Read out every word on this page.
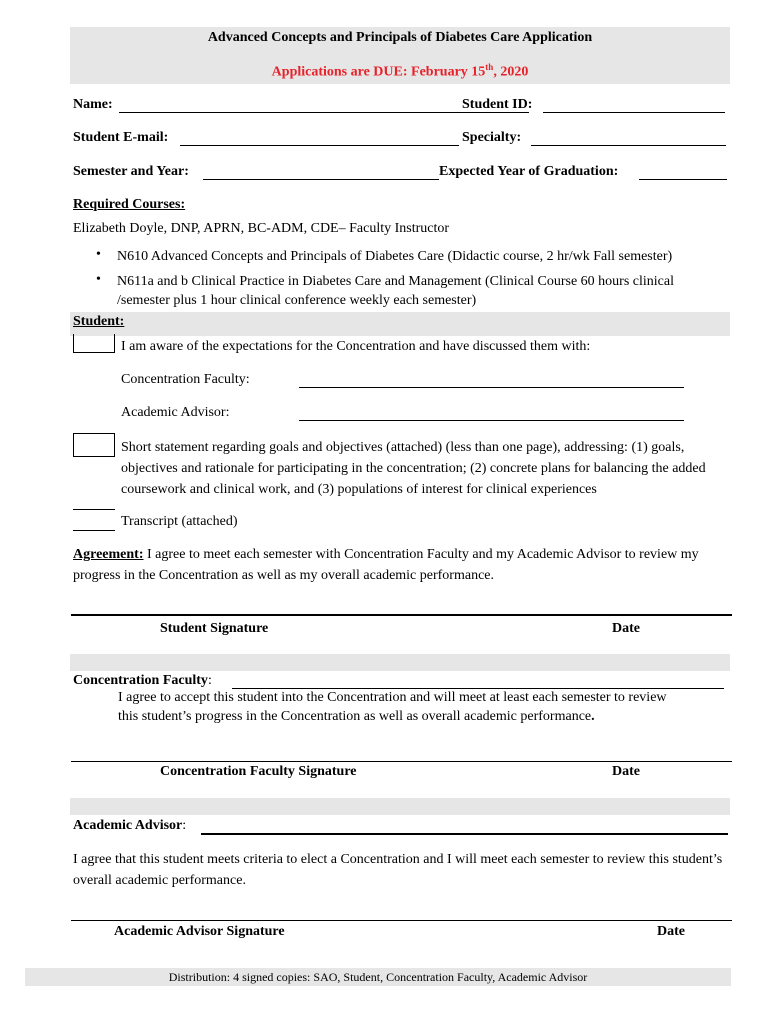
Advanced Concepts and Principals of Diabetes Care Application
Applications are DUE: February 15th, 2020
Name:	Student ID:
Student E-mail:	Specialty:
Semester and Year:	Expected Year of Graduation:
Required Courses:
Elizabeth Doyle, DNP, APRN, BC-ADM, CDE– Faculty Instructor
• N610 Advanced Concepts and Principals of Diabetes Care (Didactic course, 2 hr/wk Fall semester)
• N611a and b Clinical Practice in Diabetes Care and Management (Clinical Course 60 hours clinical /semester plus 1 hour clinical conference weekly each semester)
Student:
I am aware of the expectations for the Concentration and have discussed them with:
Concentration Faculty:
Academic Advisor:
Short statement regarding goals and objectives (attached) (less than one page), addressing: (1) goals, objectives and rationale for participating in the concentration; (2) concrete plans for balancing the added coursework and clinical work, and (3) populations of interest for clinical experiences
Transcript (attached)
Agreement: I agree to meet each semester with Concentration Faculty and my Academic Advisor to review my progress in the Concentration as well as my overall academic performance.
Student Signature	Date
Concentration Faculty:
I agree to accept this student into the Concentration and will meet at least each semester to review
this student’s progress in the Concentration as well as overall academic performance.
Concentration Faculty Signature	Date
Academic Advisor:
I agree that this student meets criteria to elect a Concentration and I will meet each semester to review this student’s overall academic performance.
Academic Advisor Signature	Date
Distribution: 4 signed copies: SAO, Student, Concentration Faculty, Academic Advisor
